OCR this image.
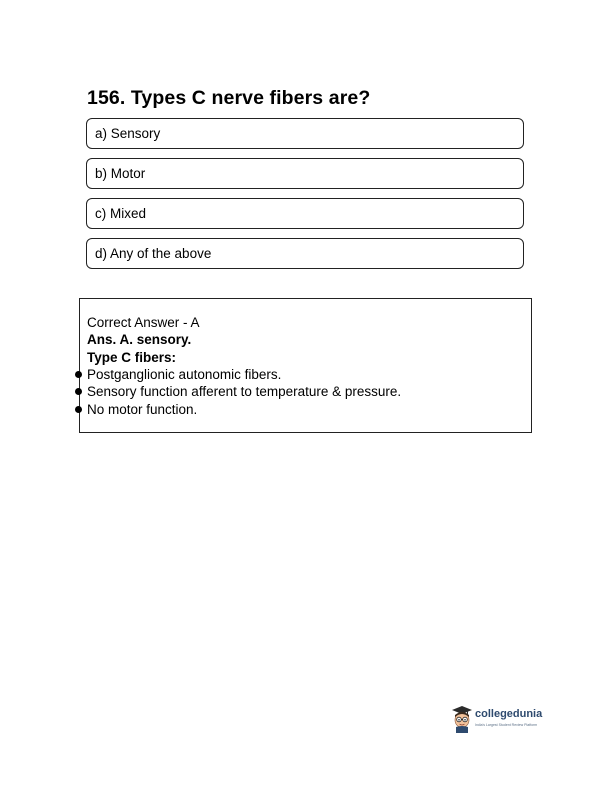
156. Types C nerve fibers are?
a) Sensory
b) Motor
c) Mixed
d) Any of the above
Correct Answer - A
Ans. A. sensory.
Type C fibers:
Postganglionic autonomic fibers.
Sensory function afferent to temperature & pressure.
No motor function.
collegedunia
India's Largest Student Review Platform
